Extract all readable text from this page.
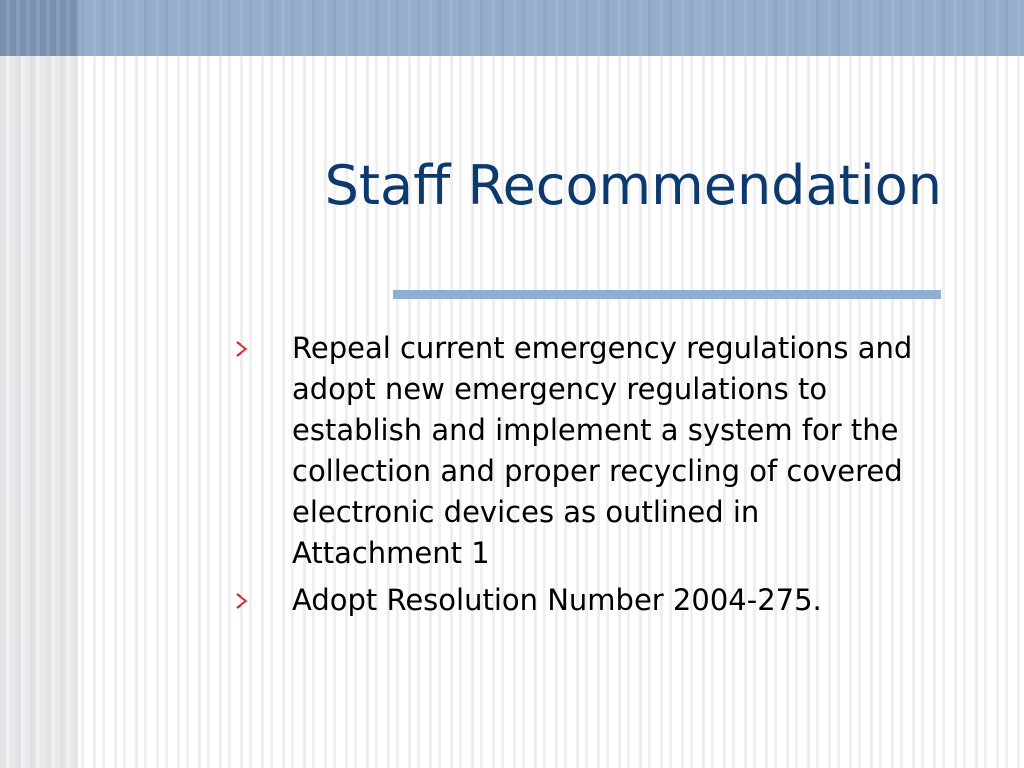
Staff Recommendation
Repeal current emergency regulations and adopt new emergency regulations to establish and implement a system for the collection and proper recycling of covered electronic devices as outlined in Attachment 1
Adopt Resolution Number 2004-275.
